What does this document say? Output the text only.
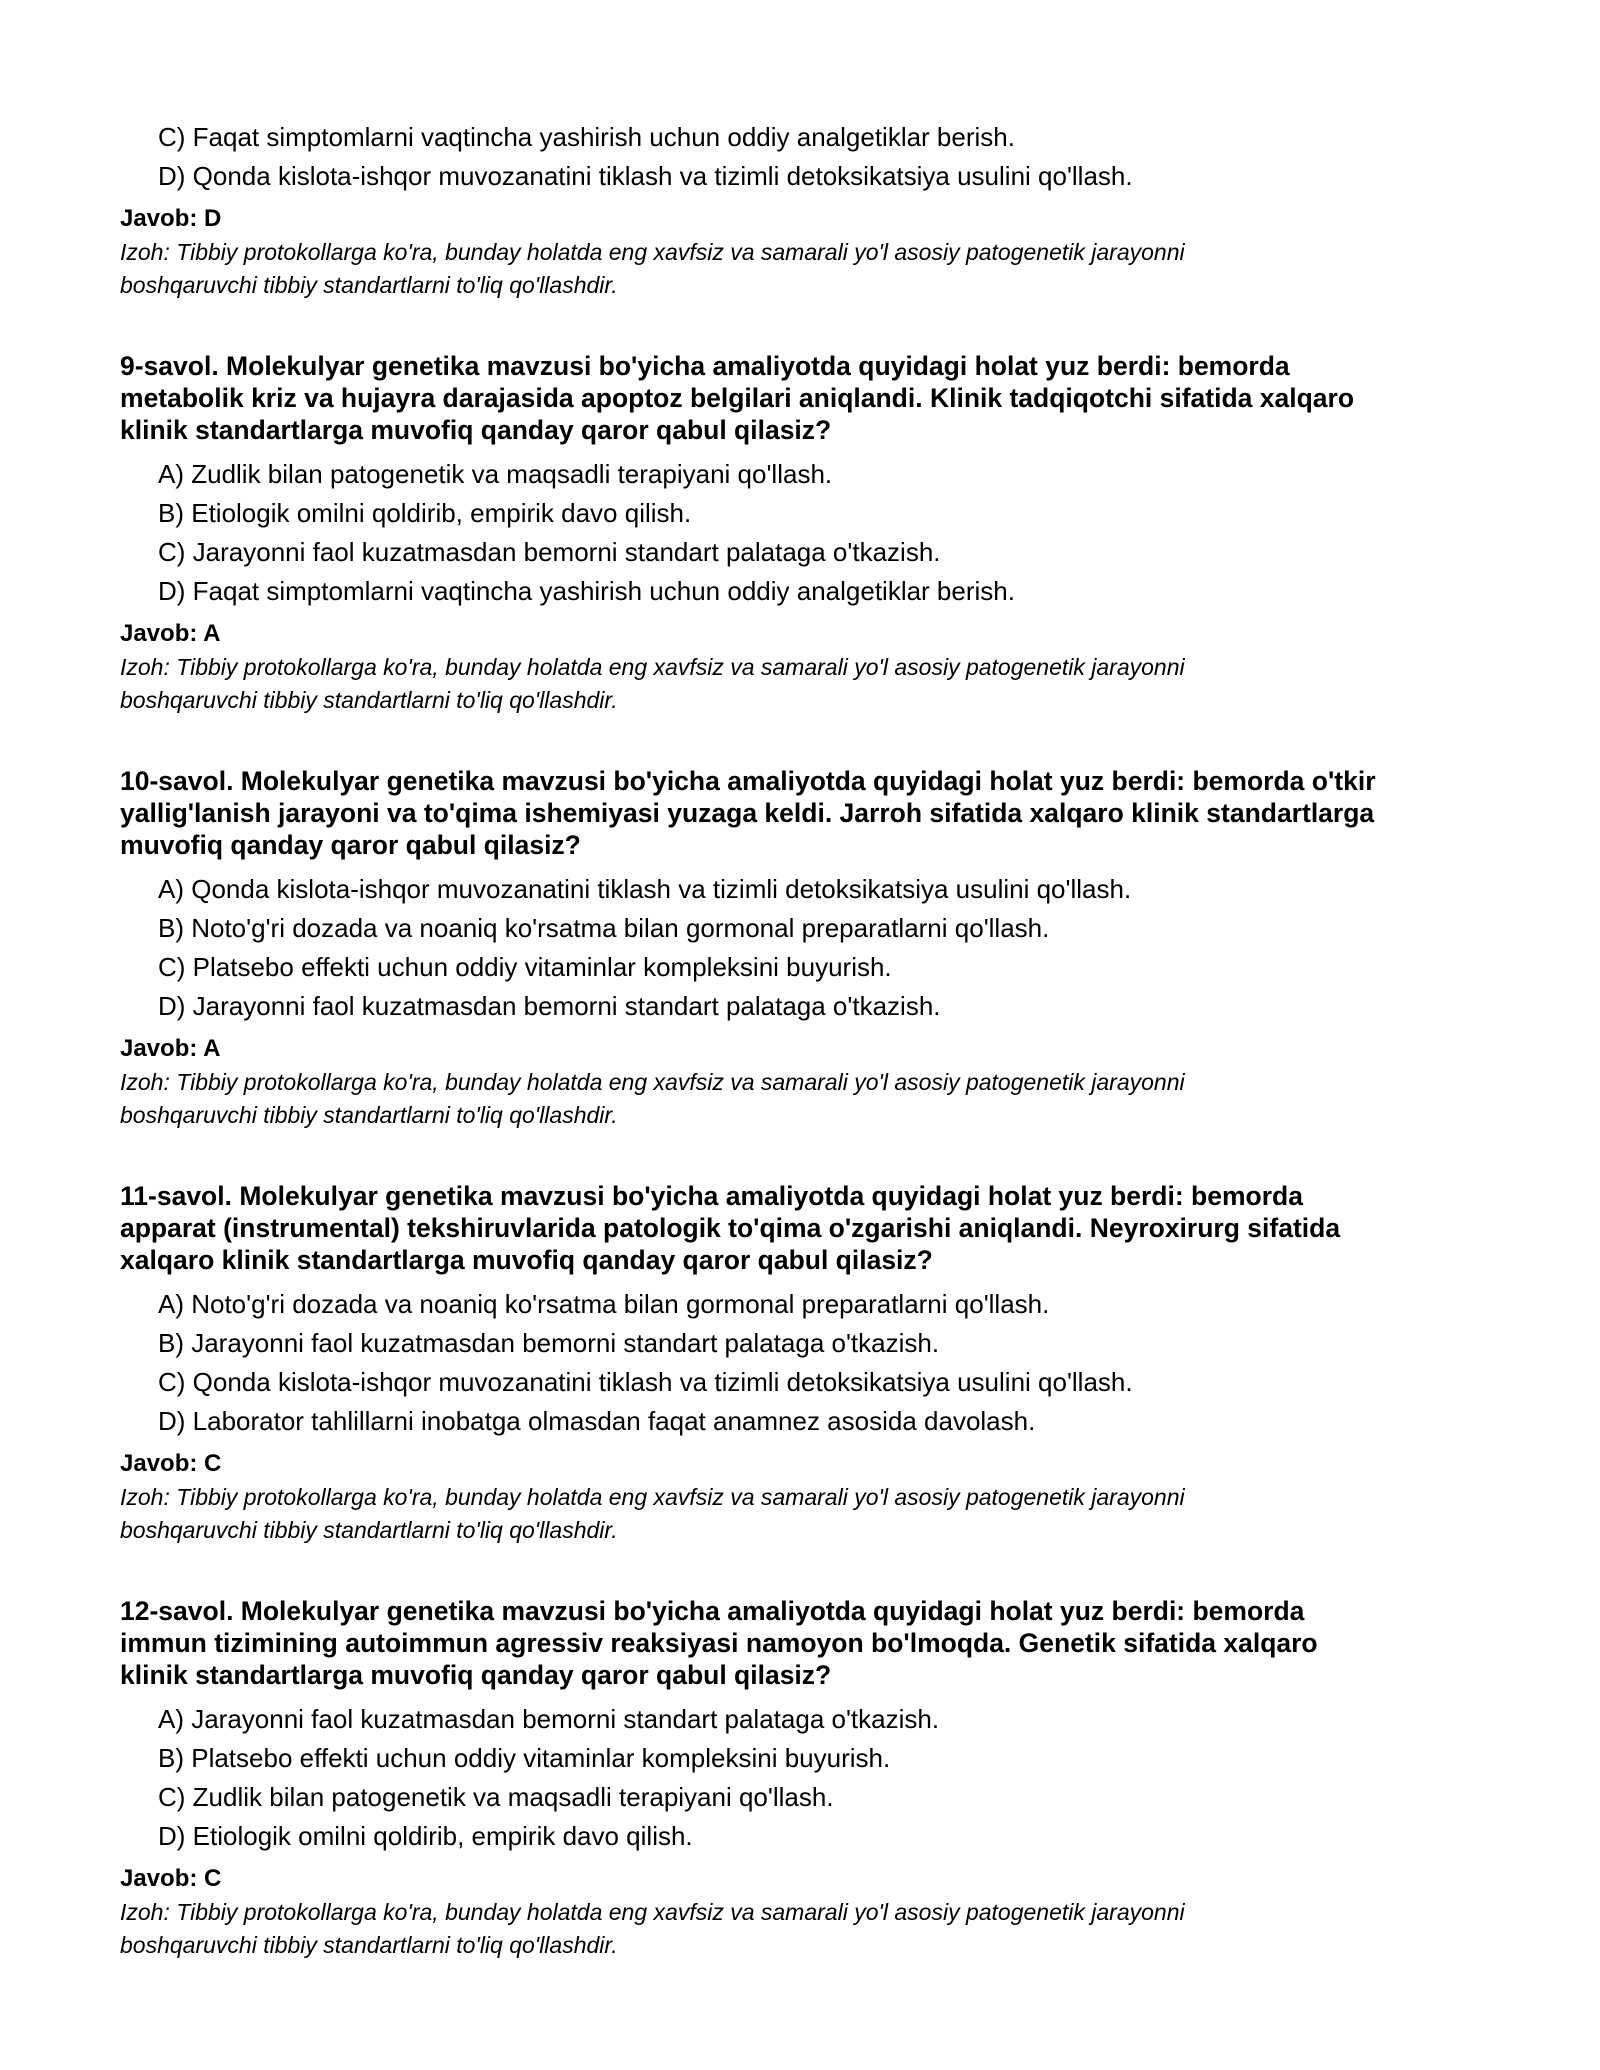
C) Faqat simptomlarni vaqtincha yashirish uchun oddiy analgetiklar berish.
D) Qonda kislota-ishqor muvozanatini tiklash va tizimli detoksikatsiya usulini qo'llash.
Javob: D
Izoh: Tibbiy protokollarga ko'ra, bunday holatda eng xavfsiz va samarali yo'l asosiy patogenetik jarayonni
boshqaruvchi tibbiy standartlarni to'liq qo'llashdir.
9-savol. Molekulyar genetika mavzusi bo'yicha amaliyotda quyidagi holat yuz berdi: bemorda
metabolik kriz va hujayra darajasida apoptoz belgilari aniqlandi. Klinik tadqiqotchi sifatida xalqaro
klinik standartlarga muvofiq qanday qaror qabul qilasiz?
A) Zudlik bilan patogenetik va maqsadli terapiyani qo'llash.
B) Etiologik omilni qoldirib, empirik davo qilish.
C) Jarayonni faol kuzatmasdan bemorni standart palataga o'tkazish.
D) Faqat simptomlarni vaqtincha yashirish uchun oddiy analgetiklar berish.
Javob: A
Izoh: Tibbiy protokollarga ko'ra, bunday holatda eng xavfsiz va samarali yo'l asosiy patogenetik jarayonni
boshqaruvchi tibbiy standartlarni to'liq qo'llashdir.
10-savol. Molekulyar genetika mavzusi bo'yicha amaliyotda quyidagi holat yuz berdi: bemorda o'tkir
yallig'lanish jarayoni va to'qima ishemiyasi yuzaga keldi. Jarroh sifatida xalqaro klinik standartlarga
muvofiq qanday qaror qabul qilasiz?
A) Qonda kislota-ishqor muvozanatini tiklash va tizimli detoksikatsiya usulini qo'llash.
B) Noto'g'ri dozada va noaniq ko'rsatma bilan gormonal preparatlarni qo'llash.
C) Platsebo effekti uchun oddiy vitaminlar kompleksini buyurish.
D) Jarayonni faol kuzatmasdan bemorni standart palataga o'tkazish.
Javob: A
Izoh: Tibbiy protokollarga ko'ra, bunday holatda eng xavfsiz va samarali yo'l asosiy patogenetik jarayonni
boshqaruvchi tibbiy standartlarni to'liq qo'llashdir.
11-savol. Molekulyar genetika mavzusi bo'yicha amaliyotda quyidagi holat yuz berdi: bemorda
apparat (instrumental) tekshiruvlarida patologik to'qima o'zgarishi aniqlandi. Neyroxirurg sifatida
xalqaro klinik standartlarga muvofiq qanday qaror qabul qilasiz?
A) Noto'g'ri dozada va noaniq ko'rsatma bilan gormonal preparatlarni qo'llash.
B) Jarayonni faol kuzatmasdan bemorni standart palataga o'tkazish.
C) Qonda kislota-ishqor muvozanatini tiklash va tizimli detoksikatsiya usulini qo'llash.
D) Laborator tahlillarni inobatga olmasdan faqat anamnez asosida davolash.
Javob: C
Izoh: Tibbiy protokollarga ko'ra, bunday holatda eng xavfsiz va samarali yo'l asosiy patogenetik jarayonni
boshqaruvchi tibbiy standartlarni to'liq qo'llashdir.
12-savol. Molekulyar genetika mavzusi bo'yicha amaliyotda quyidagi holat yuz berdi: bemorda
immun tizimining autoimmun agressiv reaksiyasi namoyon bo'lmoqda. Genetik sifatida xalqaro
klinik standartlarga muvofiq qanday qaror qabul qilasiz?
A) Jarayonni faol kuzatmasdan bemorni standart palataga o'tkazish.
B) Platsebo effekti uchun oddiy vitaminlar kompleksini buyurish.
C) Zudlik bilan patogenetik va maqsadli terapiyani qo'llash.
D) Etiologik omilni qoldirib, empirik davo qilish.
Javob: C
Izoh: Tibbiy protokollarga ko'ra, bunday holatda eng xavfsiz va samarali yo'l asosiy patogenetik jarayonni
boshqaruvchi tibbiy standartlarni to'liq qo'llashdir.
